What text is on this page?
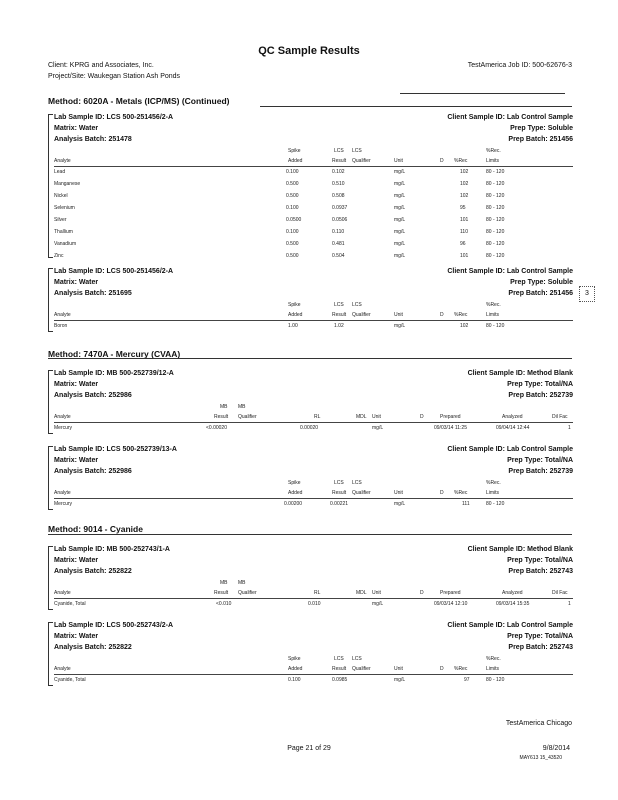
QC Sample Results
Client: KPRG and Associates, Inc.
Project/Site: Waukegan Station Ash Ponds
TestAmerica Job ID: 500-62676-3
Method: 6020A - Metals (ICP/MS) (Continued)
Lab Sample ID: LCS 500-251456/2-A
Matrix: Water
Analysis Batch: 251478
Client Sample ID: Lab Control Sample
Prep Type: Soluble
Prep Batch: 251456
Spike	LCS LCS	%Rec.
Analyte	Added	Result Qualifier	Unit	D %Rec	Limits
Lead	0.100	0.102	mg/L	102	80 - 120
Manganese	0.500	0.510	mg/L	102	80 - 120
Nickel	0.500	0.508	mg/L	102	80 - 120
Selenium	0.100	0.0937	mg/L	95	80 - 120
Silver	0.0500	0.0506	mg/L	101	80 - 120
Thallium	0.100	0.110	mg/L	110	80 - 120
Vanadium	0.500	0.481	mg/L	96	80 - 120
Zinc	0.500	0.504	mg/L	101	80 - 120
Lab Sample ID: LCS 500-251456/2-A
Matrix: Water
Analysis Batch: 251695
Client Sample ID: Lab Control Sample
Prep Type: Soluble
Prep Batch: 251456
Spike	LCS LCS	%Rec.
Analyte	Added	Result Qualifier	Unit	D %Rec	Limits
Boron	1.00	1.02	mg/L	102	80 - 120
3
Method: 7470A - Mercury (CVAA)
Lab Sample ID: MB 500-252739/12-A
Matrix: Water
Analysis Batch: 252986
Client Sample ID: Method Blank
Prep Type: Total/NA
Prep Batch: 252739
MB MB
Analyte	Result Qualifier	RL	MDL Unit	D	Prepared	Analyzed	Dil Fac
Mercury	<0.00020	0.00020	mg/L	09/03/14 11:25	09/04/14 12:44	1
Lab Sample ID: LCS 500-252739/13-A
Matrix: Water
Analysis Batch: 252986
Client Sample ID: Lab Control Sample
Prep Type: Total/NA
Prep Batch: 252739
Spike	LCS LCS	%Rec.
Analyte	Added	Result Qualifier	Unit	D %Rec	Limits
Mercury	0.00200	0.00221	mg/L	111	80 - 120
Method: 9014 - Cyanide
Lab Sample ID: MB 500-252743/1-A
Matrix: Water
Analysis Batch: 252822
Client Sample ID: Method Blank
Prep Type: Total/NA
Prep Batch: 252743
MB MB
Analyte	Result Qualifier	RL	MDL Unit	D	Prepared	Analyzed	Dil Fac
Cyanide, Total	<0.010	0.010	mg/L	09/03/14 12:10	09/03/14 15:35	1
Lab Sample ID: LCS 500-252743/2-A
Matrix: Water
Analysis Batch: 252822
Client Sample ID: Lab Control Sample
Prep Type: Total/NA
Prep Batch: 252743
Spike	LCS LCS	%Rec.
Analyte	Added	Result Qualifier	Unit	D %Rec	Limits
Cyanide, Total	0.100	0.0985	mg/L	97	80 - 120
TestAmerica Chicago
Page 21 of 29	9/8/2014
MAY613 15_43520
